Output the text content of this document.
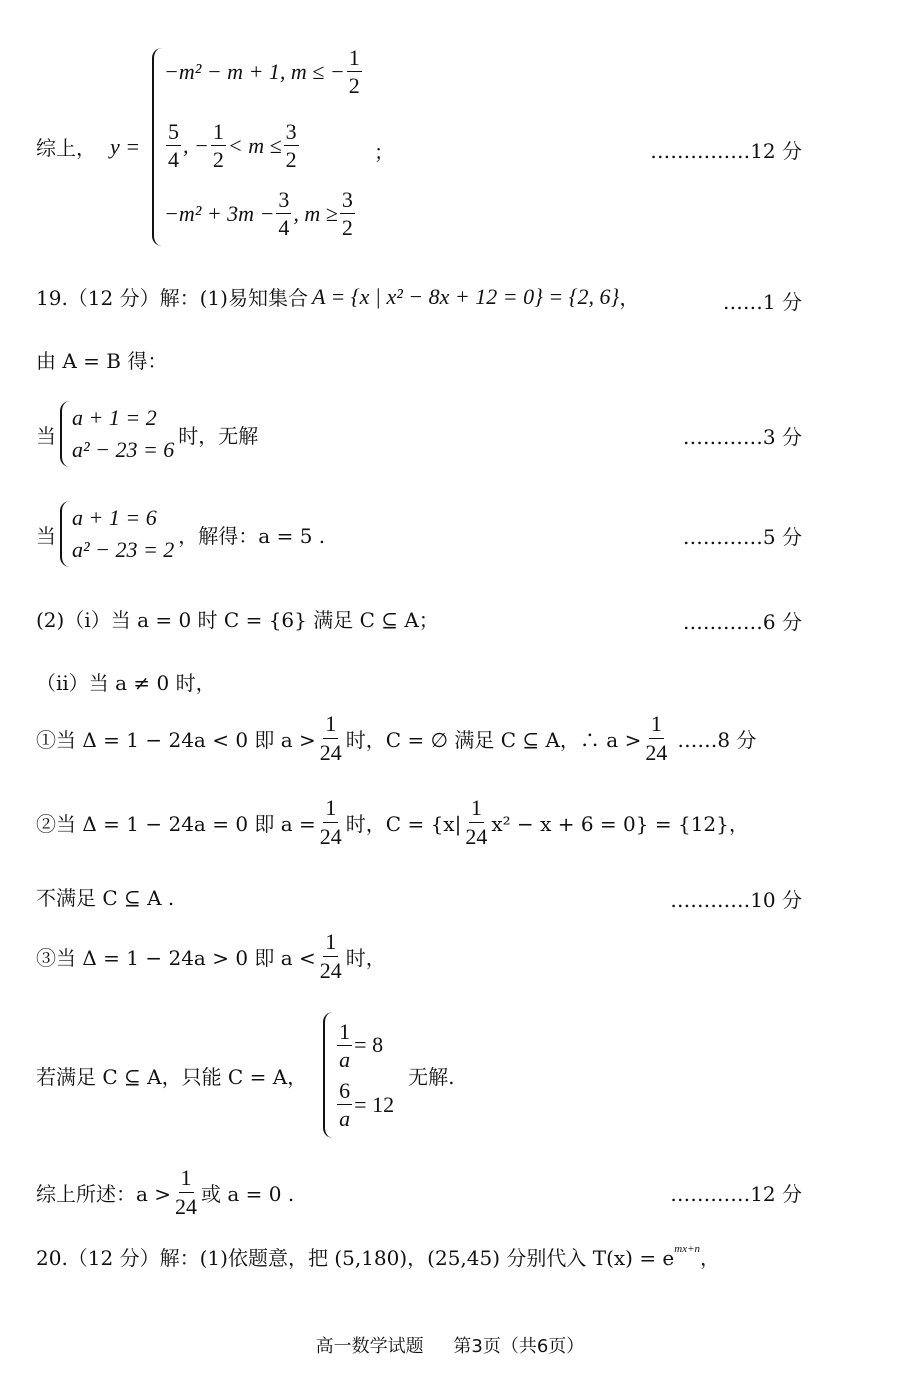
综上， y =
−m² − m + 1, m ≤ − $\frac{1}{2}$
$\frac{5}{4}$ , − $\frac{1}{2} < m \le \frac{3}{2}$
$-m^2 + 3m - \frac{3}{4}$ , $m \ge \frac{3}{2}$
；	……………12 分
19.（12 分）解：(1)易知集合 A = {x | x² − 8x + 12 = 0} = {2, 6} ，	……1 分
由 A = B 得：
当
a + 1 = 2
a² − 23 = 6
时，无解	…………3 分
当
a + 1 = 6
a² − 23 = 2
，解得：a = 5 .	…………5 分
(2)（ⅰ）当 a = 0 时 C = {6} 满足 C ⊆ A；	…………6 分
（ⅱ）当 a ≠ 0 时，
①当 Δ = 1 − 24a < 0 即 $a > \frac{1}{24}$ 时，C = ∅ 满足 C ⊆ A，∴ $a > \frac{1}{24}$ ……8 分
②当 Δ = 1 − 24a = 0 即 $a = \frac{1}{24}$ 时，$C = \{x| \frac{1}{24} x^2 - x + 6 = 0\} = \{12\}$，
不满足 C ⊆ A .	…………10 分
③当 Δ = 1 − 24a > 0 即 $a < \frac{1}{24}$ 时，
若满足 C ⊆ A，只能 C = A，
$\frac{1}{a} = 8$
$\frac{6}{a} = 12$
无解.
综上所述：$a > \frac{1}{24}$ 或 a = 0 .	…………12 分
20.（12 分）解：(1)依题意，把 (5,180)，(25,45) 分别代入 $T(x) = e^{mx+n}$ ，
高一数学试题 第3页（共6页）
